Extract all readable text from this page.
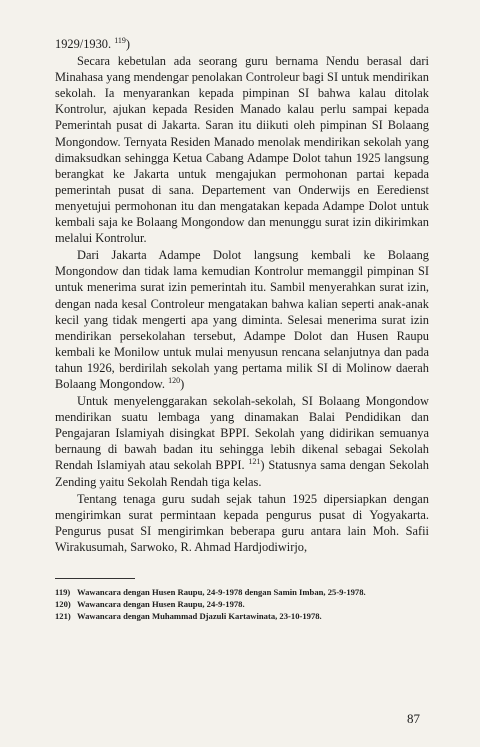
1929/1930. $^{119}$)

Secara kebetulan ada seorang guru bernama Nendu berasal dari Minahasa yang mendengar penolakan Controleur bagi SI untuk mendirikan sekolah. Ia menyarankan kepada pimpinan SI bahwa kalau ditolak Kontrolur, ajukan kepada Residen Manado kalau perlu sampai kepada Pemerintah pusat di Jakarta. Saran itu diikuti oleh pimpinan SI Bolaang Mongondow. Ternyata Residen Manado menolak mendirikan sekolah yang dimaksudkan sehingga Ketua Cabang Adampe Dolot tahun 1925 langsung berangkat ke Jakarta untuk mengajukan permohonan partai kepada pemerintah pusat di sana. Departement van Onderwijs en Eeredienst menyetujui permohonan itu dan mengatakan kepada Adampe Dolot untuk kembali saja ke Bolaang Mongondow dan menunggu surat izin dikirimkan melalui Kontrolur.

Dari Jakarta Adampe Dolot langsung kembali ke Bolaang Mongondow dan tidak lama kemudian Kontrolur memanggil pimpinan SI untuk menerima surat izin pemerintah itu. Sambil menyerahkan surat izin, dengan nada kesal Controleur mengatakan bahwa kalian seperti anak-anak kecil yang tidak mengerti apa yang diminta. Selesai menerima surat izin mendirikan persekolahan tersebut, Adampe Dolot dan Husen Raupu kembali ke Monilow untuk mulai menyusun rencana selanjutnya dan pada tahun 1926, berdirilah sekolah yang pertama milik SI di Molinow daerah Bolaang Mongondow. $^{120}$)

Untuk menyelenggarakan sekolah-sekolah, SI Bolaang Mongondow mendirikan suatu lembaga yang dinamakan Balai Pendidikan dan Pengajaran Islamiyah disingkat BPPI. Sekolah yang didirikan semuanya bernaung di bawah badan itu sehingga lebih dikenal sebagai Sekolah Rendah Islamiyah atau sekolah BPPI. $^{121}$) Statusnya sama dengan Sekolah Zending yaitu Sekolah Rendah tiga kelas.

Tentang tenaga guru sudah sejak tahun 1925 dipersiapkan dengan mengirimkan surat permintaan kepada pengurus pusat di Yogyakarta. Pengurus pusat SI mengirimkan beberapa guru antara lain Moh. Safii Wirakusumah, Sarwoko, R. Ahmad Hardjodiwirjo,

119) Wawancara dengan Husen Raupu, 24-9-1978 dengan Samin Imban, 25-9-1978.
120) Wawancara dengan Husen Raupu, 24-9-1978.
121) Wawancara dengan Muhammad Djazuli Kartawinata, 23-10-1978.
87
